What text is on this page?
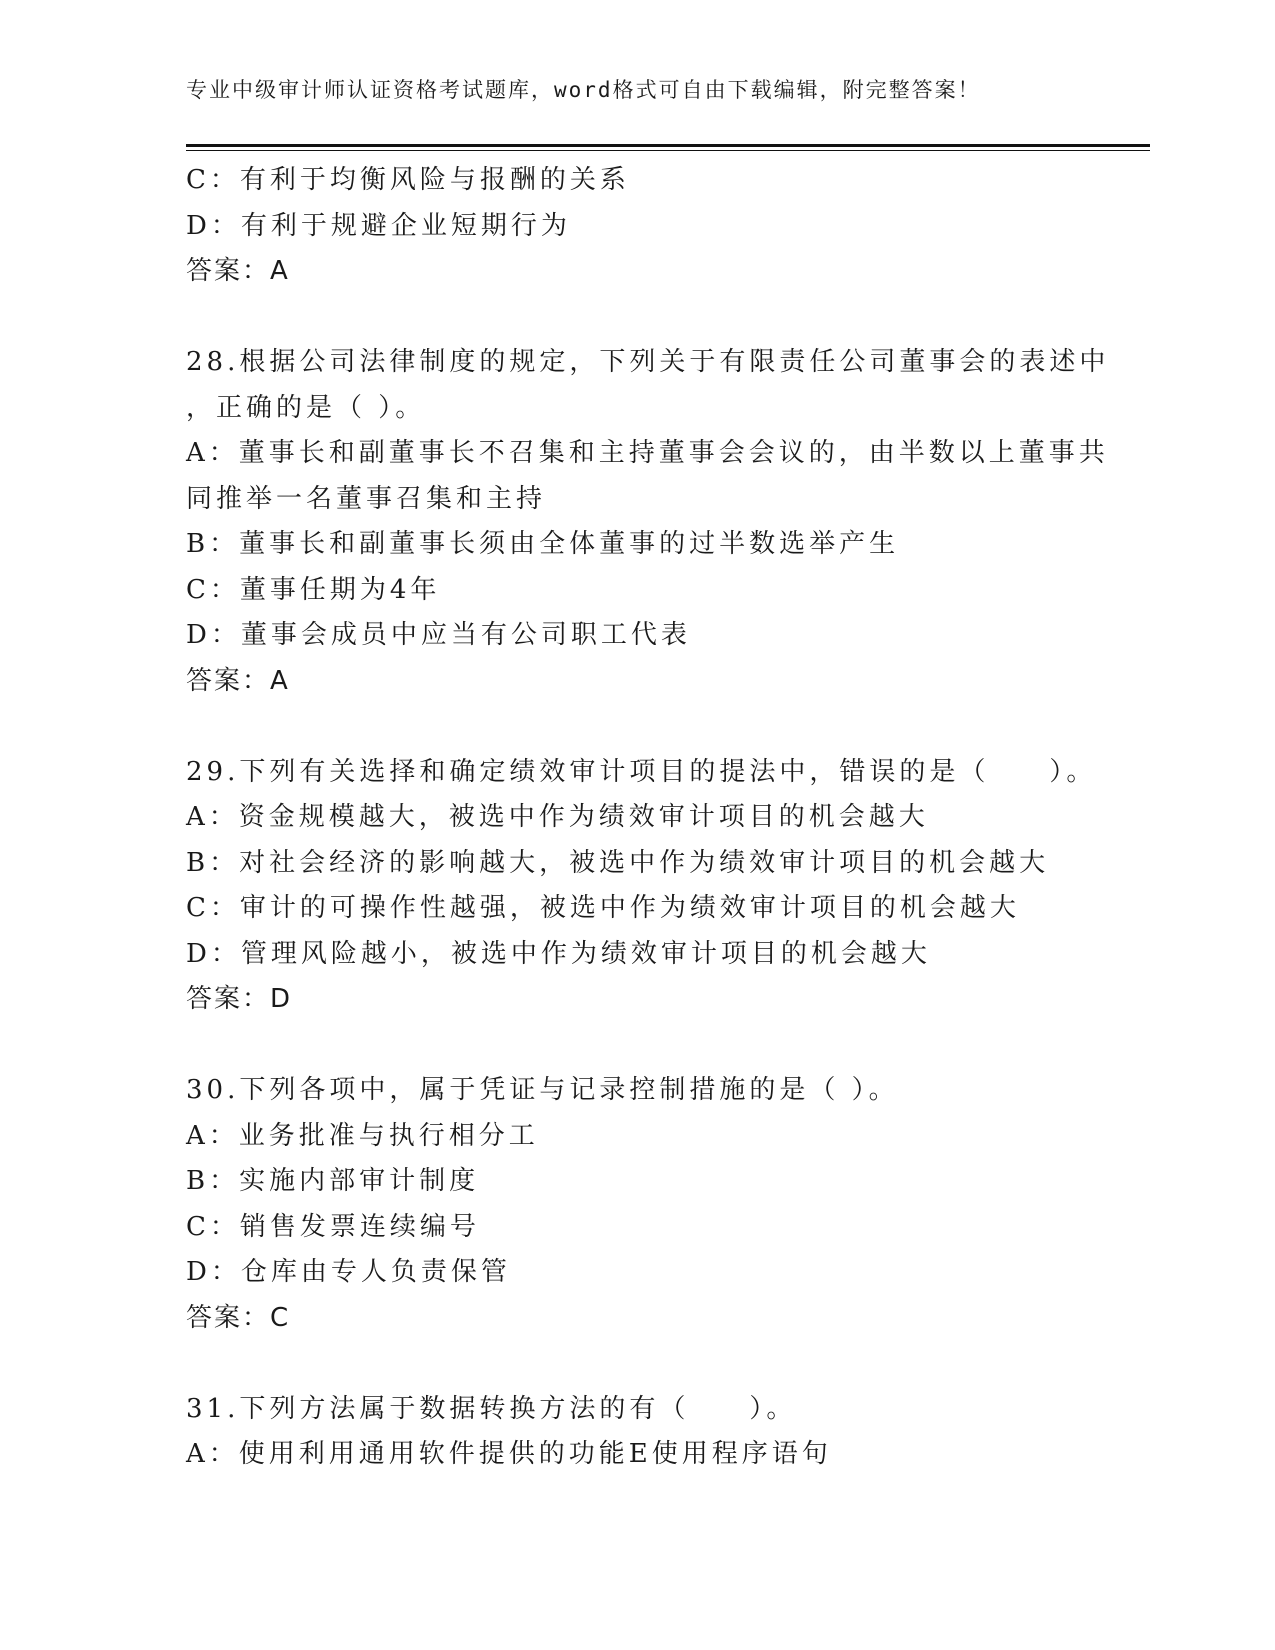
专业中级审计师认证资格考试题库，word格式可自由下载编辑，附完整答案！
C：有利于均衡风险与报酬的关系
D：有利于规避企业短期行为
答案：A
28.根据公司法律制度的规定，下列关于有限责任公司董事会的表述中
，正确的是（ ）。
A：董事长和副董事长不召集和主持董事会会议的，由半数以上董事共
同推举一名董事召集和主持
B：董事长和副董事长须由全体董事的过半数选举产生
C：董事任期为4年
D：董事会成员中应当有公司职工代表
答案：A
29.下列有关选择和确定绩效审计项目的提法中，错误的是（　　）。
A：资金规模越大，被选中作为绩效审计项目的机会越大
B：对社会经济的影响越大，被选中作为绩效审计项目的机会越大
C：审计的可操作性越强，被选中作为绩效审计项目的机会越大
D：管理风险越小，被选中作为绩效审计项目的机会越大
答案：D
30.下列各项中，属于凭证与记录控制措施的是（ ）。
A：业务批准与执行相分工
B：实施内部审计制度
C：销售发票连续编号
D：仓库由专人负责保管
答案：C
31.下列方法属于数据转换方法的有（　　）。
A：使用利用通用软件提供的功能E使用程序语句
